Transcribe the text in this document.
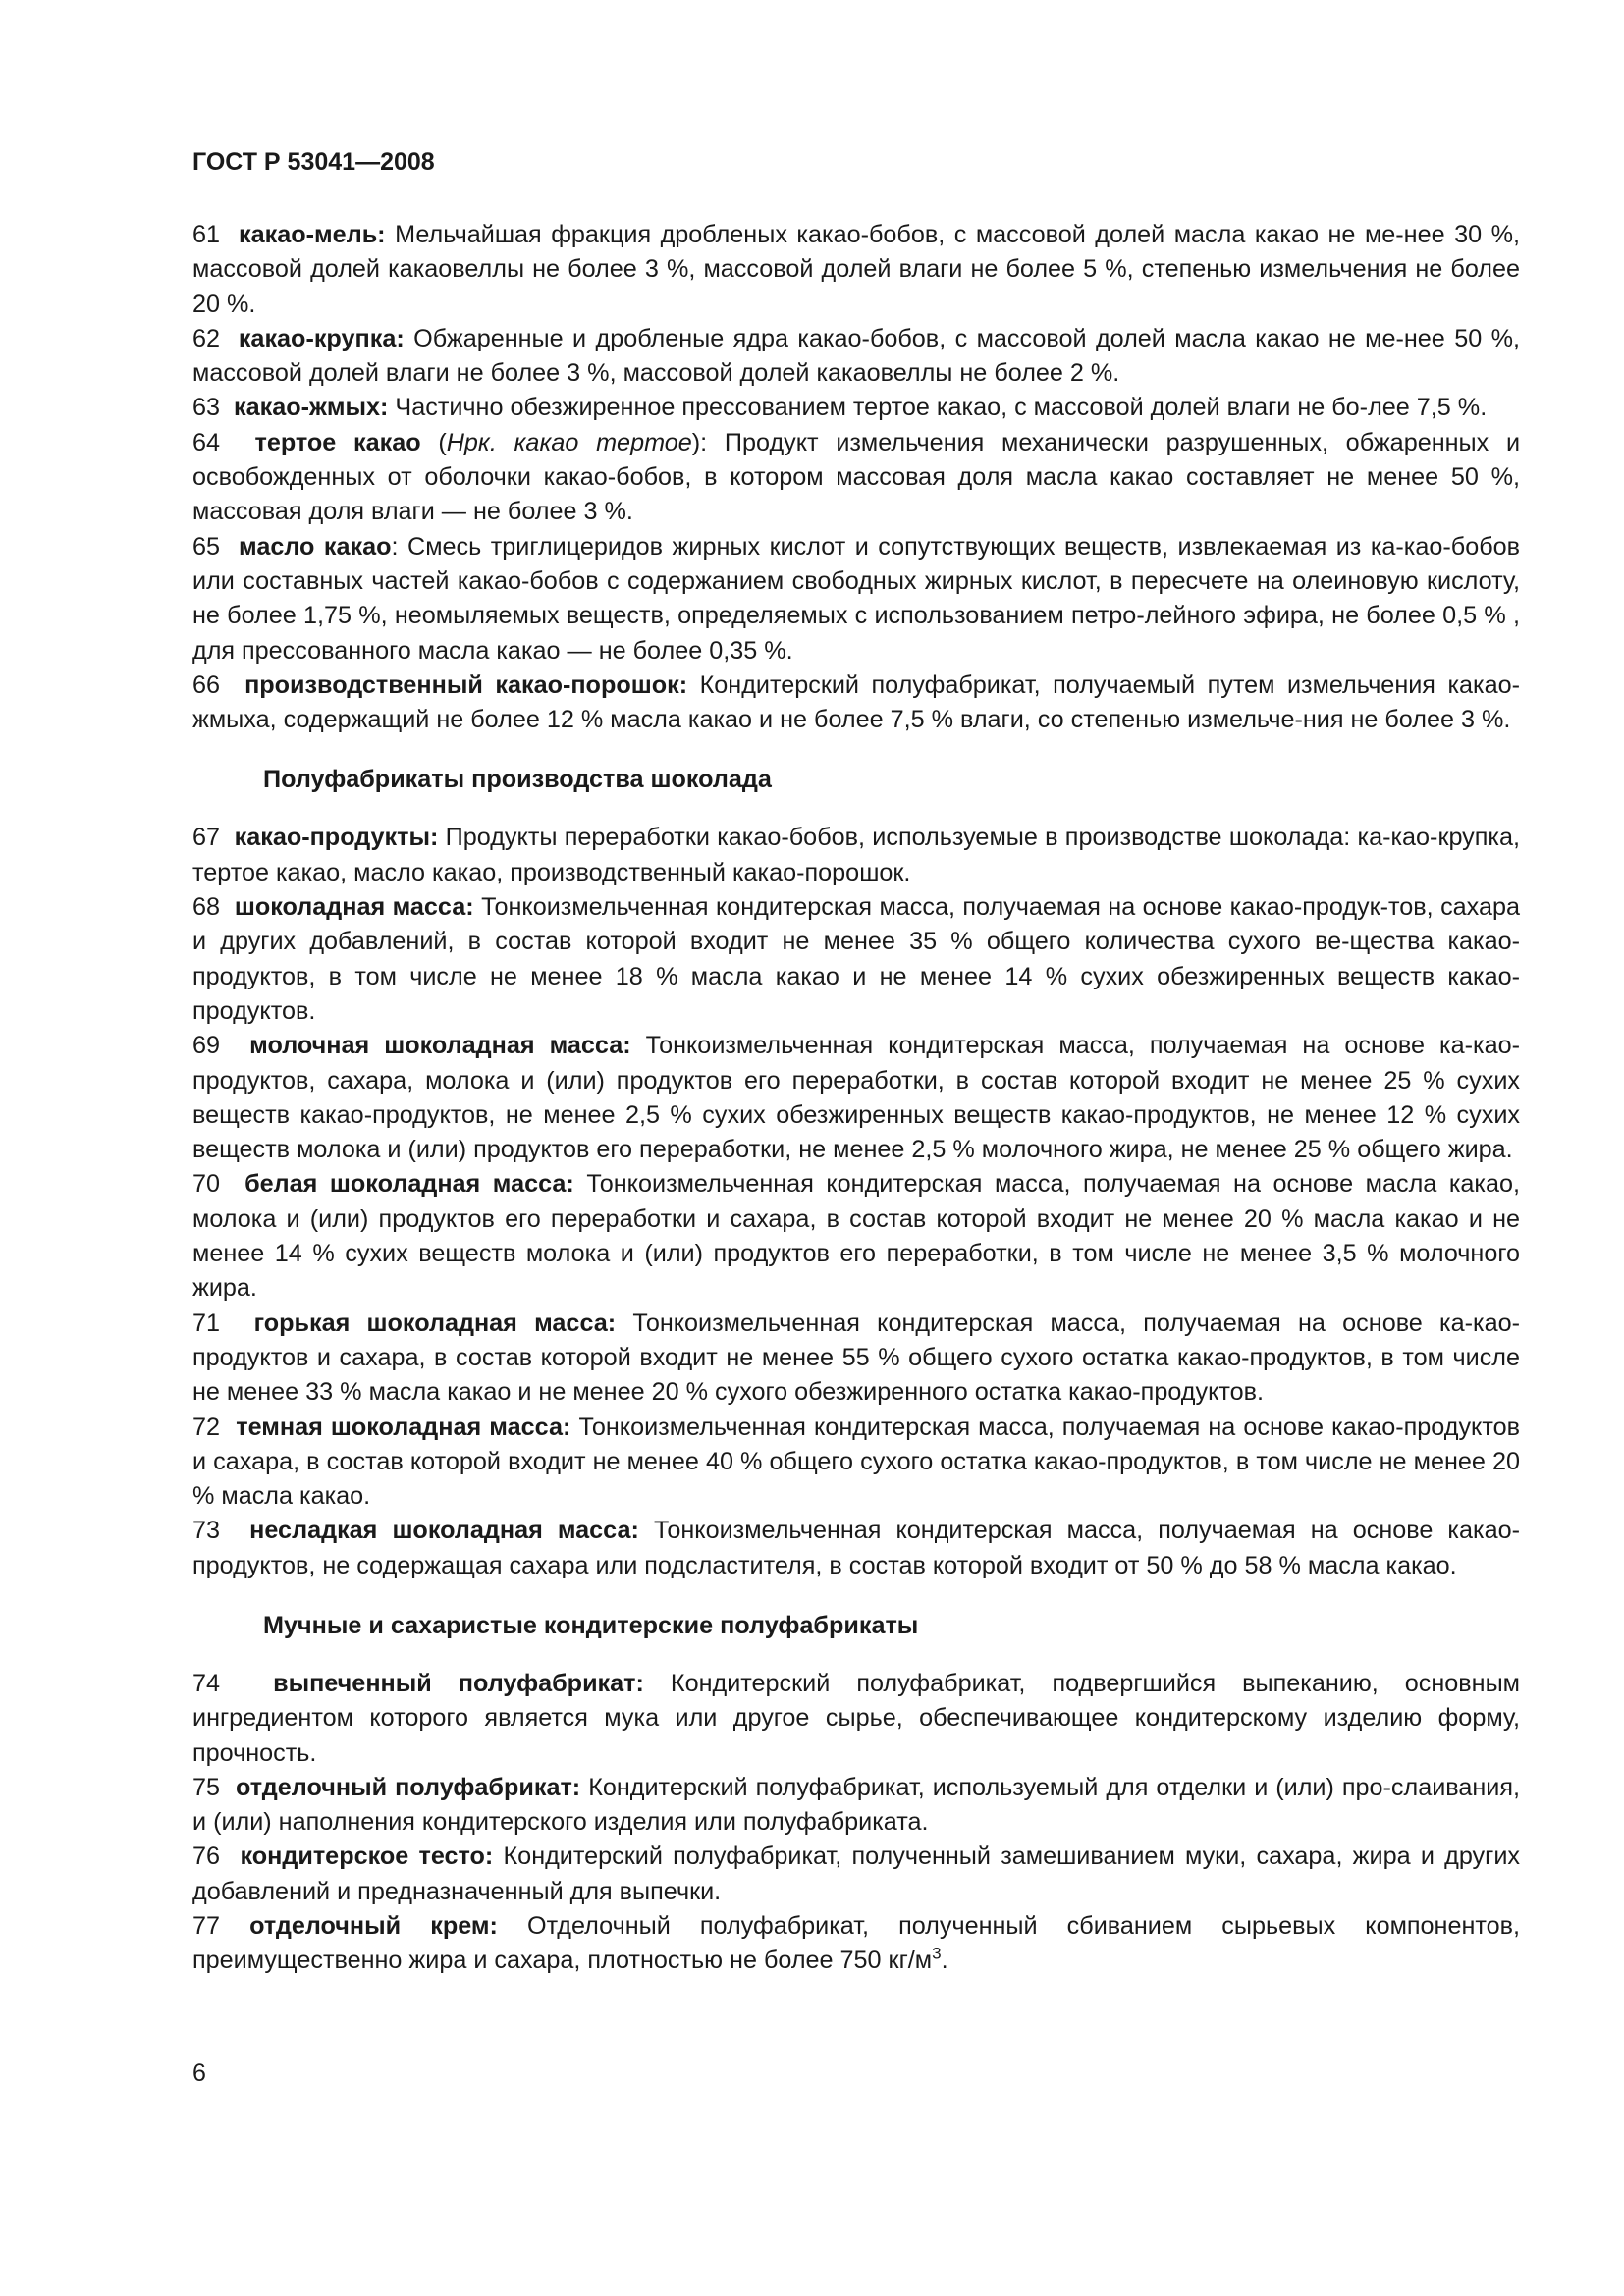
ГОСТ Р 53041—2008

61 какао-мель: Мельчайшая фракция дробленых какао-бобов, с массовой долей масла какао не ме-нее 30 %, массовой долей какаовеллы не более 3 %, массовой долей влаги не более 5 %, степенью измельчения не более 20 %.

62 какао-крупка: Обжаренные и дробленые ядра какао-бобов, с массовой долей масла какао не ме-нее 50 %, массовой долей влаги не более 3 %, массовой долей какаовеллы не более 2 %.

63 какао-жмых: Частично обезжиренное прессованием тертое какао, с массовой долей влаги не бо-лее 7,5 %.

64 тертое какао (Нрк. какао тертое): Продукт измельчения механически разрушенных, обжаренных и освобожденных от оболочки какао-бобов, в котором массовая доля масла какао составляет не менее 50 %, массовая доля влаги — не более 3 %.

65 масло какао: Смесь триглицеридов жирных кислот и сопутствующих веществ, извлекаемая из ка-као-бобов или составных частей какао-бобов с содержанием свободных жирных кислот, в пересчете на олеиновую кислоту, не более 1,75 %, неомыляемых веществ, определяемых с использованием петро-лейного эфира, не более 0,5 % , для прессованного масла какао — не более 0,35 %.

66 производственный какао-порошок: Кондитерский полуфабрикат, получаемый путем измельчения какао-жмыха, содержащий не более 12 % масла какао и не более 7,5 % влаги, со степенью измельче-ния не более 3 %.

Полуфабрикаты производства шоколада

67 какао-продукты: Продукты переработки какао-бобов, используемые в производстве шоколада: ка-као-крупка, тертое какао, масло какао, производственный какао-порошок.

68 шоколадная масса: Тонкоизмельченная кондитерская масса, получаемая на основе какао-продук-тов, сахара и других добавлений, в состав которой входит не менее 35 % общего количества сухого ве-щества какао-продуктов, в том числе не менее 18 % масла какао и не менее 14 % сухих обезжиренных веществ какао-продуктов.

69 молочная шоколадная масса: Тонкоизмельченная кондитерская масса, получаемая на основе ка-као-продуктов, сахара, молока и (или) продуктов его переработки, в состав которой входит не менее 25 % сухих веществ какао-продуктов, не менее 2,5 % сухих обезжиренных веществ какао-продуктов, не менее 12 % сухих веществ молока и (или) продуктов его переработки, не менее 2,5 % молочного жира, не менее 25 % общего жира.

70 белая шоколадная масса: Тонкоизмельченная кондитерская масса, получаемая на основе масла какао, молока и (или) продуктов его переработки и сахара, в состав которой входит не менее 20 % масла какао и не менее 14 % сухих веществ молока и (или) продуктов его переработки, в том числе не менее 3,5 % молочного жира.

71 горькая шоколадная масса: Тонкоизмельченная кондитерская масса, получаемая на основе ка-као-продуктов и сахара, в состав которой входит не менее 55 % общего сухого остатка какао-продуктов, в том числе не менее 33 % масла какао и не менее 20 % сухого обезжиренного остатка какао-продуктов.

72 темная шоколадная масса: Тонкоизмельченная кондитерская масса, получаемая на основе какао-продуктов и сахара, в состав которой входит не менее 40 % общего сухого остатка какао-продуктов, в том числе не менее 20 % масла какао.

73 несладкая шоколадная масса: Тонкоизмельченная кондитерская масса, получаемая на основе какао-продуктов, не содержащая сахара или подсластителя, в состав которой входит от 50 % до 58 % масла какао.

Мучные и сахаристые кондитерские полуфабрикаты

74 выпеченный полуфабрикат: Кондитерский полуфабрикат, подвергшийся выпеканию, основным ингредиентом которого является мука или другое сырье, обеспечивающее кондитерскому изделию форму, прочность.

75 отделочный полуфабрикат: Кондитерский полуфабрикат, используемый для отделки и (или) про-слаивания, и (или) наполнения кондитерского изделия или полуфабриката.

76 кондитерское тесто: Кондитерский полуфабрикат, полученный замешиванием муки, сахара, жира и других добавлений и предназначенный для выпечки.

77 отделочный крем: Отделочный полуфабрикат, полученный сбиванием сырьевых компонентов, преимущественно жира и сахара, плотностью не более 750 $кг/м^3$.

6
